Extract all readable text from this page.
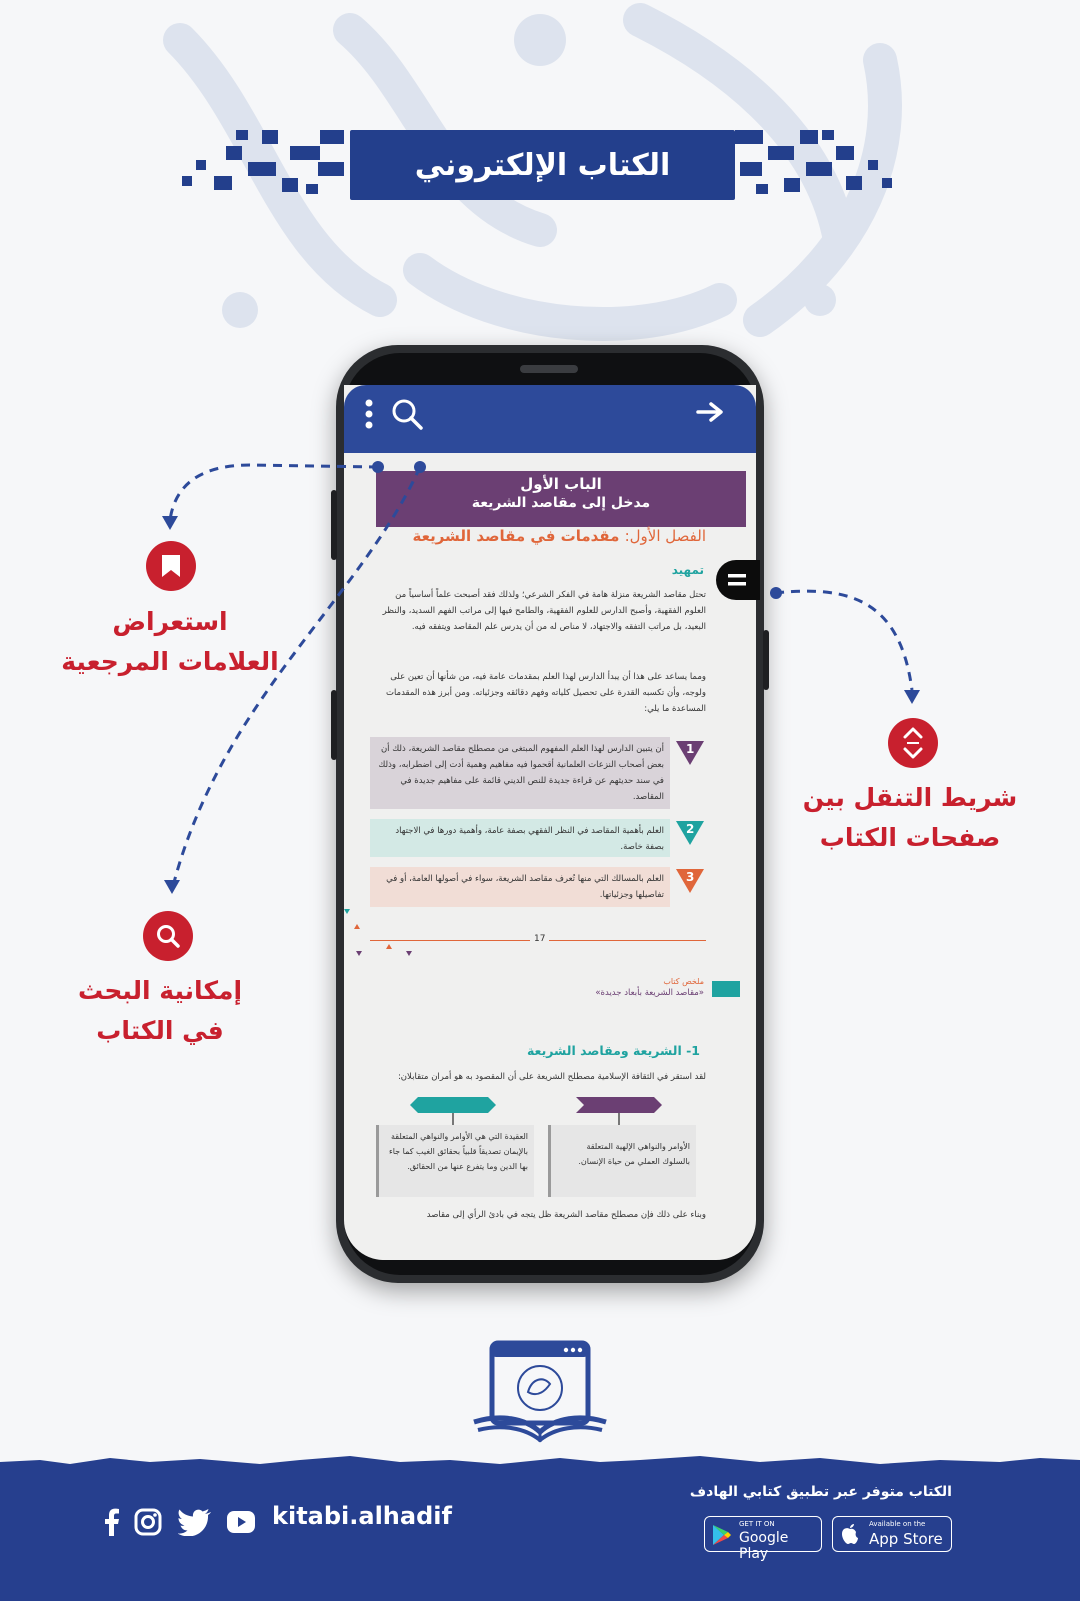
الكتاب الإلكتروني
الباب الأول
مدخل إلى مقاصد الشريعة
الفصل الأول: مقدمات في مقاصد الشريعة
تمهيد
تحتل مقاصد الشريعة منزلة هامة في الفكر الشرعي؛ ولذلك فقد أصبحت علماً أساسياً من العلوم الفقهية، وأصبح الدارس للعلوم الفقهية، والطامح فيها إلى مراتب الفهم السديد، والنظر البعيد، بل مراتب التفقه والاجتهاد، لا مناص له من أن يدرس علم المقاصد ويتفقه فيه.
ومما يساعد على هذا أن يبدأ الدارس لهذا العلم بمقدمات عامة فيه، من شأنها أن تعين على ولوجه، وأن تكسبه القدرة على تحصيل كلياته وفهم دقائقه وجزئياته. ومن أبرز هذه المقدمات المساعدة ما يلي:
أن يتبين الدارس لهذا العلم المفهوم المبتغى من مصطلح مقاصد الشريعة، ذلك أن بعض أصحاب النزعات العلمانية أقحموا فيه مفاهيم وهمية أدت إلى اضطرابه، وذلك في سند حديثهم عن قراءة جديدة للنص الديني قائمة على مفاهيم جديدة في المقاصد.
1
العلم بأهمية المقاصد في النظر الفقهي بصفة عامة، وأهمية دورها في الاجتهاد بصفة خاصة.
2
العلم بالمسالك التي منها تُعرف مقاصد الشريعة، سواء في أصولها العامة، أو في تفاصيلها وجزئياتها.
3
17
ملخص كتاب
«مقاصد الشريعة بأبعاد جديدة»
1- الشريعة ومقاصد الشريعة
لقد استقر في الثقافة الإسلامية مصطلح الشريعة على أن المقصود به هو أمران متقابلان:
العقيدة التي هي الأوامر والنواهي المتعلقة بالإيمان تصديقاً قلبياً بحقائق الغيب كما جاء بها الدين وما يتفرع عنها من الحقائق.
الأوامر والنواهي الإلهية المتعلقة بالسلوك العملي من حياة الإنسان.
وبناء على ذلك فإن مصطلح مقاصد الشريعة ظل يتجه في بادئ الرأي إلى مقاصد
استعراض
العلامات المرجعية
إمكانية البحث
في الكتاب
شريط التنقل بين
صفحات الكتاب
الكتاب متوفر عبر تطبيق كتابي الهادف
GET IT ON
Google Play
Available on the
App Store
kitabi.alhadif
